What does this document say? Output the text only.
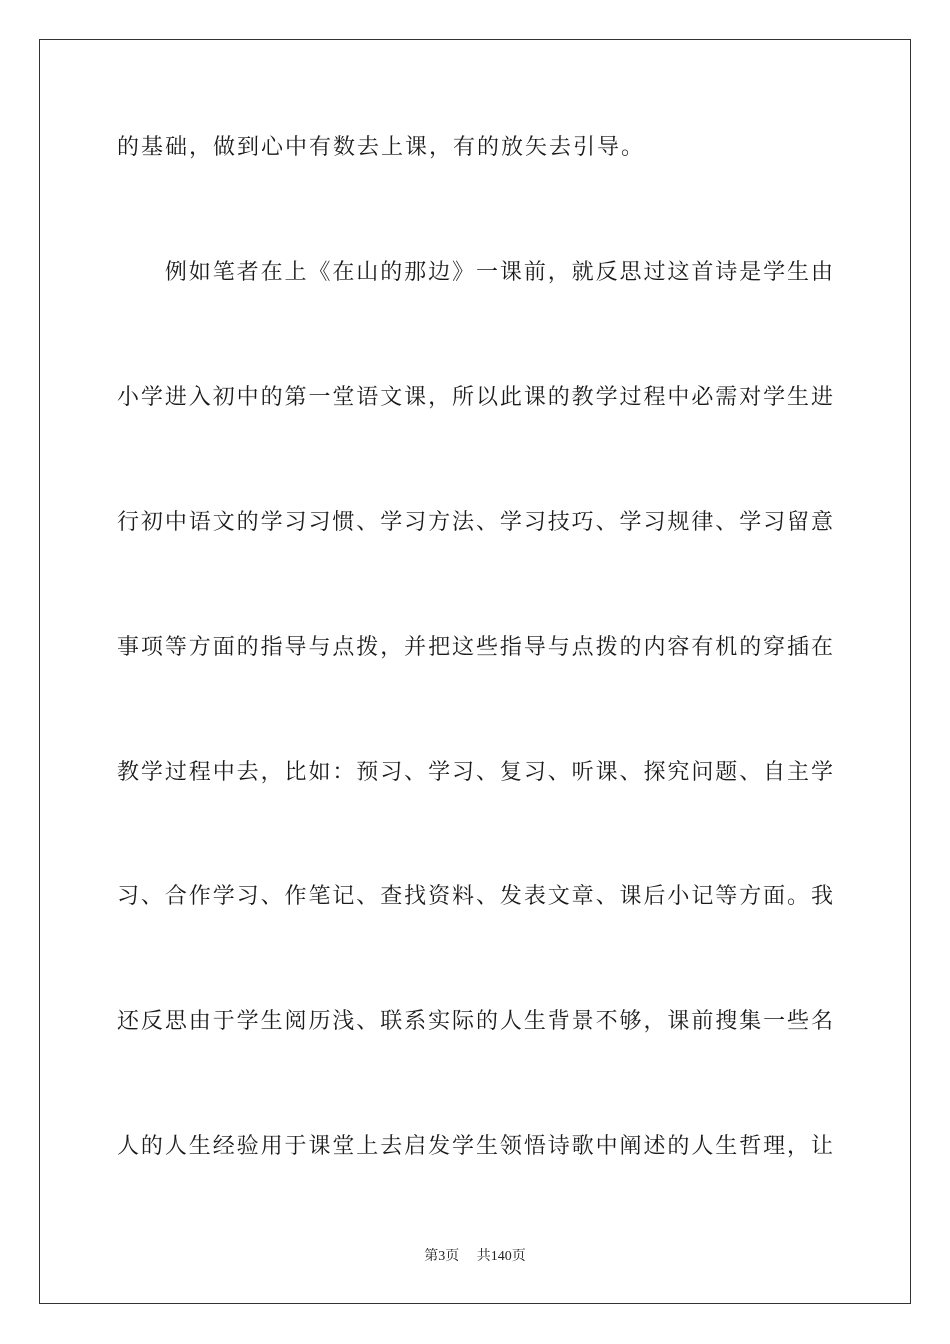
的基础，做到心中有数去上课，有的放矢去引导。
　　例如笔者在上《在山的那边》一课前，就反思过这首诗是学生由
小学进入初中的第一堂语文课，所以此课的教学过程中必需对学生进
行初中语文的学习习惯、学习方法、学习技巧、学习规律、学习留意
事项等方面的指导与点拨，并把这些指导与点拨的内容有机的穿插在
教学过程中去，比如：预习、学习、复习、听课、探究问题、自主学
习、合作学习、作笔记、查找资料、发表文章、课后小记等方面。我
还反思由于学生阅历浅、联系实际的人生背景不够，课前搜集一些名
人的人生经验用于课堂上去启发学生领悟诗歌中阐述的人生哲理，让
第3页　 共140页
